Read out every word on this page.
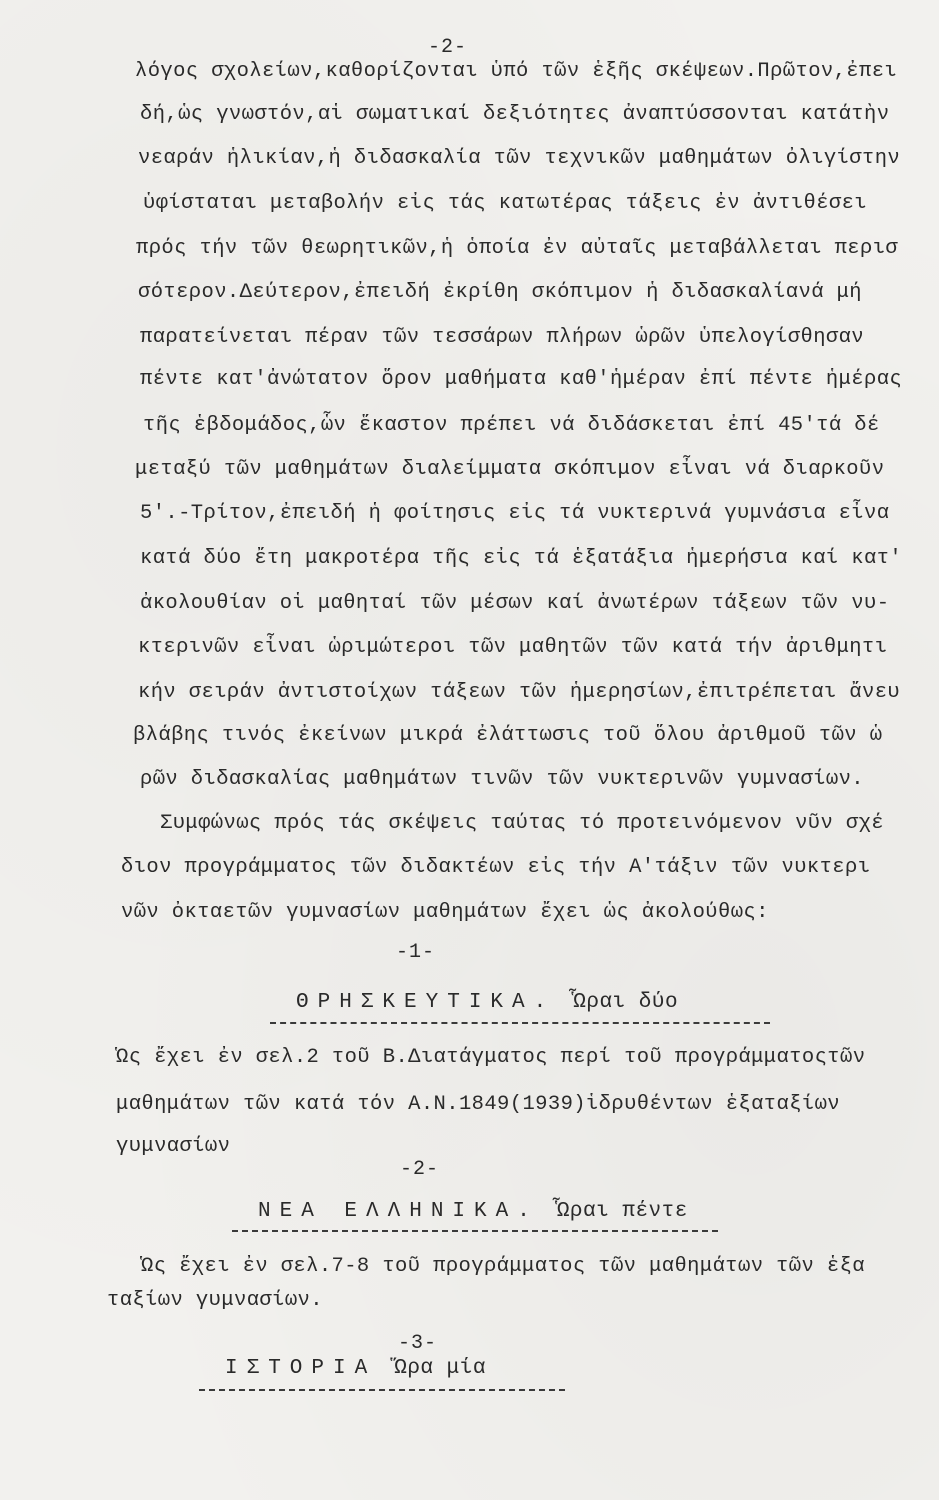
-2-
λόγος σχολείων,καθορίζονται ὑπό τῶν ἑξῆς σκέψεων.Πρῶτον,ἐπει
δή,ὡς γνωστόν,αἱ σωματικαί δεξιότητες ἀναπτύσσονται κατάτὴν
νεαράν ἡλικίαν,ἡ διδασκαλία τῶν τεχνικῶν μαθημάτων ὀλιγίστην
ὑφίσταται μεταβολήν εἰς τάς κατωτέρας τάξεις ἐν ἀντιθέσει
πρός τήν τῶν θεωρητικῶν,ἡ ὁποία ἐν αὐταῖς μεταβάλλεται περισ
σότερον.Δεύτερον,ἐπειδή ἐκρίθη σκόπιμον ἡ διδασκαλίανά μή
παρατείνεται πέραν τῶν τεσσάρων πλήρων ὡρῶν ὑπελογίσθησαν
πέντε κατ'ἀνώτατον ὅρον μαθήματα καθ'ἡμέραν ἐπί πέντε ἡμέρας
τῆς ἑβδομάδος,ὧν ἕκαστον πρέπει νά διδάσκεται ἐπί 45'τά δέ
μεταξύ τῶν μαθημάτων διαλείμματα σκόπιμον εἶναι νά διαρκοῦν
5'.-Τρίτον,ἐπειδή ἡ φοίτησις εἰς τά νυκτερινά γυμνάσια εἶνα
κατά δύο ἔτη μακροτέρα τῆς εἰς τά ἑξατάξια ἡμερήσια καί κατ'
ἀκολουθίαν οἱ μαθηταί τῶν μέσων καί ἀνωτέρων τάξεων τῶν νυ-
κτερινῶν εἶναι ὡριμώτεροι τῶν μαθητῶν τῶν κατά τήν ἀριθμητι
κήν σειράν ἀντιστοίχων τάξεων τῶν ἡμερησίων,ἐπιτρέπεται ἄνευ
βλάβης τινός ἐκείνων μικρά ἐλάττωσις τοῦ ὅλου ἀριθμοῦ τῶν ὡ
ρῶν διδασκαλίας μαθημάτων τινῶν τῶν νυκτερινῶν γυμνασίων.
Συμφώνως πρός τάς σκέψεις ταύτας τό προτεινόμενον νῦν σχέ
διον προγράμματος τῶν διδακτέων εἰς τήν Α'τάξιν τῶν νυκτερι
νῶν ὀκταετῶν γυμνασίων μαθημάτων ἔχει ὡς ἀκολούθως:
-1-
ΘΡΗΣΚΕΥΤΙΚΑ. Ὧραι δύο
Ὡς ἔχει ἐν σελ.2 τοῦ Β.Διατάγματος περί τοῦ προγράμματοςτῶν
μαθημάτων τῶν κατά τόν Α.Ν.1849(1939)ἱδρυθέντων ἑξαταξίων
γυμνασίων
-2-
ΝΕΑ ΕΛΛΗΝΙΚΑ. Ὧραι πέντε
Ὡς ἔχει ἐν σελ.7-8 τοῦ προγράμματος τῶν μαθημάτων τῶν ἑξα
ταξίων γυμνασίων.
-3-
ΙΣΤΟΡΙΑ Ὥρα μία
